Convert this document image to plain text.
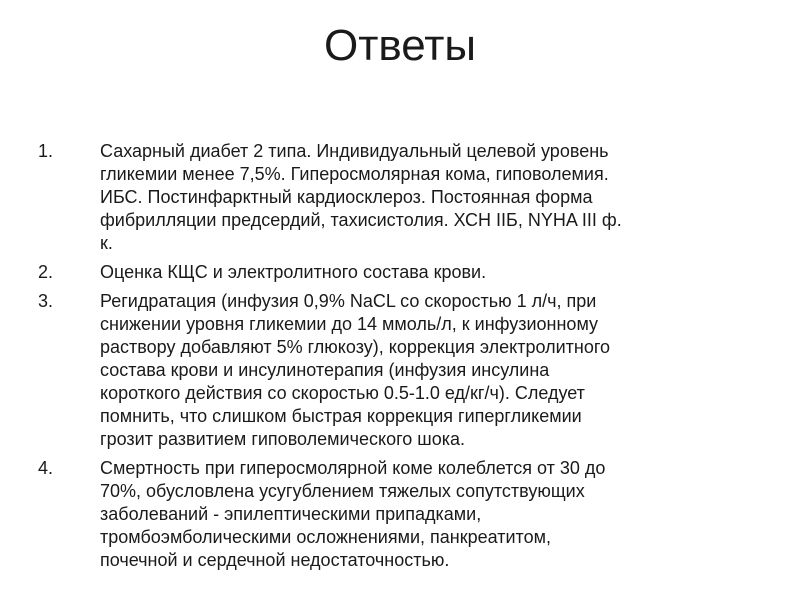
Ответы
1.	Сахарный диабет 2 типа. Индивидуальный целевой уровень
гликемии менее 7,5%. Гиперосмолярная кома, гиповолемия.
ИБС. Постинфарктный кардиосклероз. Постоянная форма
фибрилляции предсердий, тахисистолия. ХСН IIБ, NYHA III ф.
к.
2.	Оценка КЩС и электролитного состава крови.
3.	Регидратация (инфузия 0,9% NaCL со скоростью 1 л/ч, при
снижении уровня гликемии до 14 ммоль/л, к инфузионному
раствору добавляют 5% глюкозу), коррекция электролитного
состава крови и инсулинотерапия (инфузия инсулина
короткого действия со скоростью 0.5-1.0 ед/кг/ч). Следует
помнить, что слишком быстрая коррекция гипергликемии
грозит развитием гиповолемического шока.
4.	Смертность при гиперосмолярной коме колеблется от 30 до
70%, обусловлена усугублением тяжелых сопутствующих
заболеваний - эпилептическими припадками,
тромбоэмболическими осложнениями, панкреатитом,
почечной и сердечной недостаточностью.
